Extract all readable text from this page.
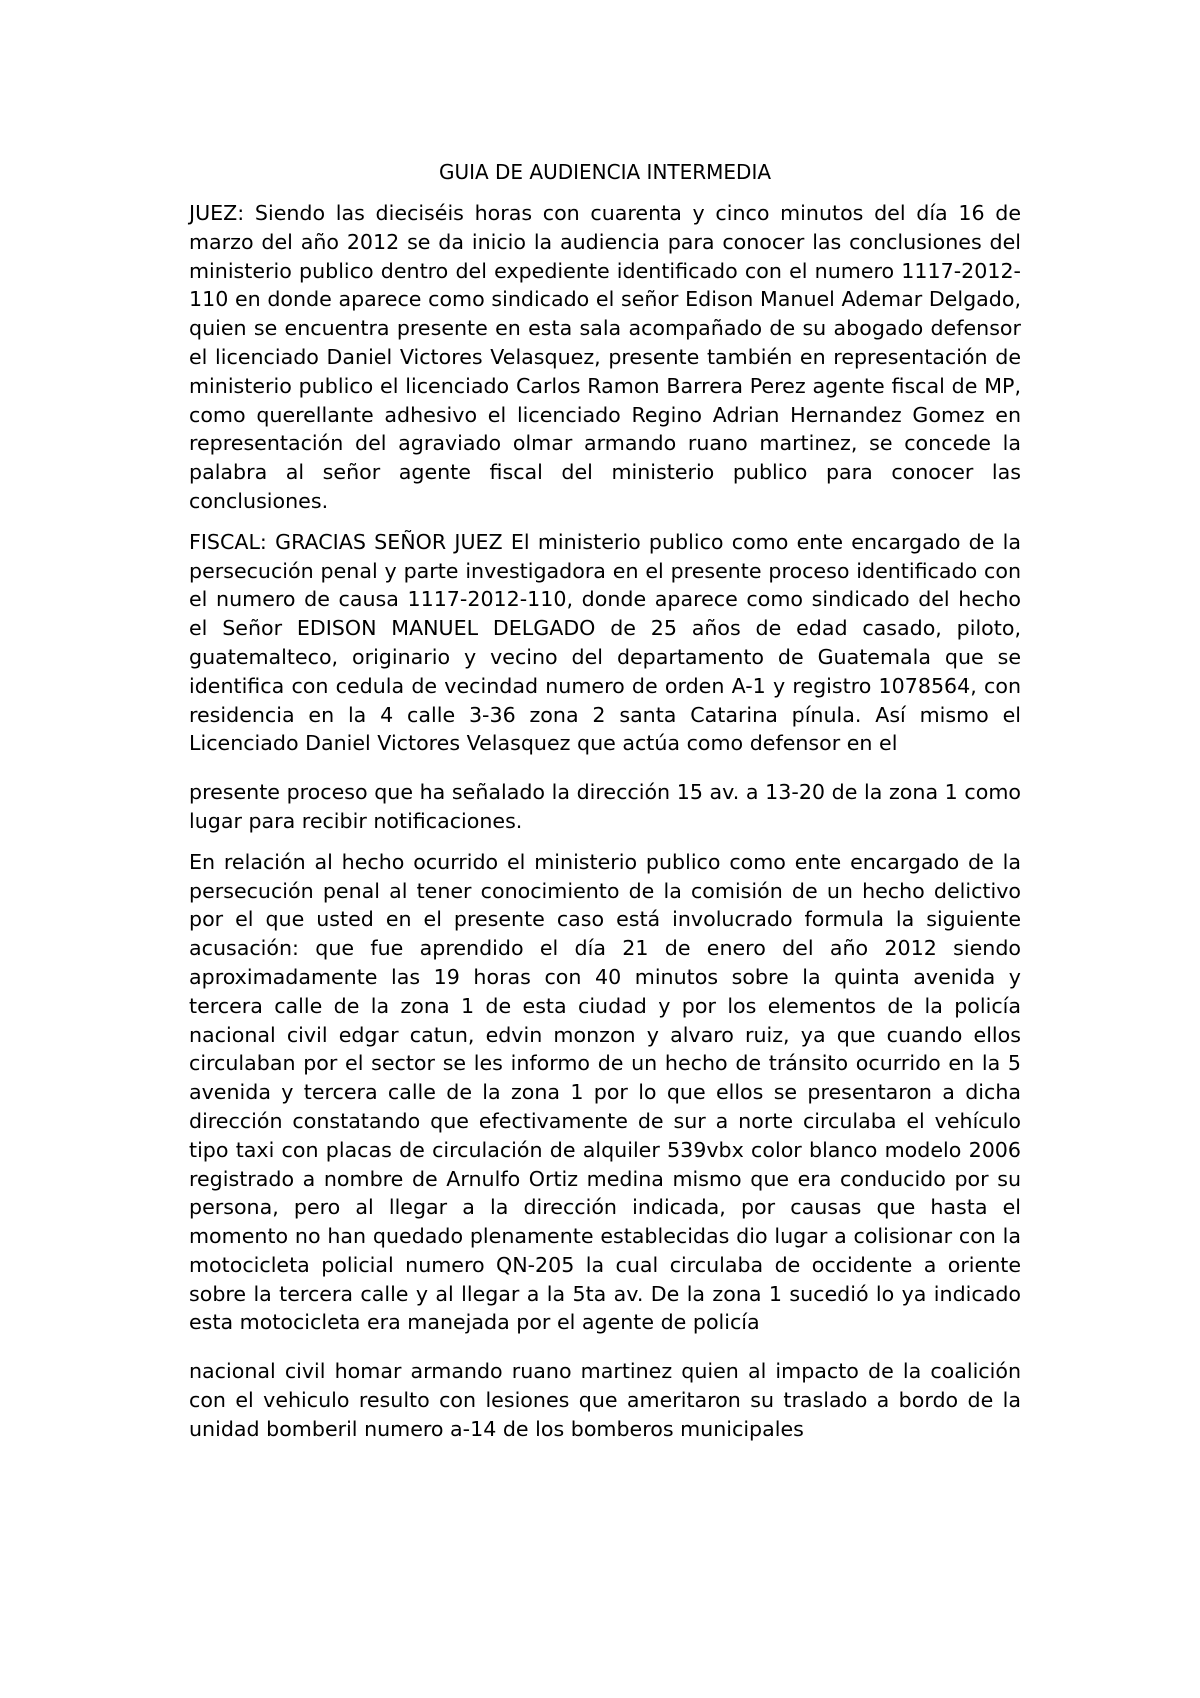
GUIA DE AUDIENCIA INTERMEDIA

JUEZ: Siendo las dieciséis horas con cuarenta y cinco minutos del día 16 de marzo del año 2012 se da inicio la audiencia para conocer las conclusiones del ministerio publico dentro del expediente identificado con el numero 1117-2012-110 en donde aparece como sindicado el señor Edison Manuel Ademar Delgado, quien se encuentra presente en esta sala acompañado de su abogado defensor el licenciado Daniel Victores Velasquez, presente también en representación de ministerio publico el licenciado Carlos Ramon Barrera Perez agente fiscal de MP, como querellante adhesivo el licenciado Regino Adrian Hernandez Gomez en representación del agraviado olmar armando ruano martinez, se concede la palabra al señor agente fiscal del ministerio publico para conocer las conclusiones.

FISCAL: GRACIAS SEÑOR JUEZ El ministerio publico como ente encargado de la persecución penal y parte investigadora en el presente proceso identificado con el numero de causa 1117-2012-110, donde aparece como sindicado del hecho el Señor EDISON MANUEL DELGADO de 25 años de edad casado, piloto, guatemalteco, originario y vecino del departamento de Guatemala que se identifica con cedula de vecindad numero de orden A-1 y registro 1078564, con residencia en la 4 calle 3-36 zona 2 santa Catarina pínula. Así mismo el Licenciado Daniel Victores Velasquez que actúa como defensor en el

presente proceso que ha señalado la dirección 15 av. a 13-20 de la zona 1 como lugar para recibir notificaciones.

En relación al hecho ocurrido el ministerio publico como ente encargado de la persecución penal al tener conocimiento de la comisión de un hecho delictivo por el que usted en el presente caso está involucrado formula la siguiente acusación: que fue aprendido el día 21 de enero del año 2012 siendo aproximadamente las 19 horas con 40 minutos sobre la quinta avenida y tercera calle de la zona 1 de esta ciudad y por los elementos de la policía nacional civil edgar catun, edvin monzon y alvaro ruiz, ya que cuando ellos circulaban por el sector se les informo de un hecho de tránsito ocurrido en la 5 avenida y tercera calle de la zona 1 por lo que ellos se presentaron a dicha dirección constatando que efectivamente de sur a norte circulaba el vehículo tipo taxi con placas de circulación de alquiler 539vbx color blanco modelo 2006 registrado a nombre de Arnulfo Ortiz medina mismo que era conducido por su persona, pero al llegar a la dirección indicada, por causas que hasta el momento no han quedado plenamente establecidas dio lugar a colisionar con la motocicleta policial numero QN-205 la cual circulaba de occidente a oriente sobre la tercera calle y al llegar a la 5ta av. De la zona 1 sucedió lo ya indicado esta motocicleta era manejada por el agente de policía

nacional civil homar armando ruano martinez quien al impacto de la coalición con el vehiculo resulto con lesiones que ameritaron su traslado a bordo de la unidad bomberil numero a-14 de los bomberos municipales
